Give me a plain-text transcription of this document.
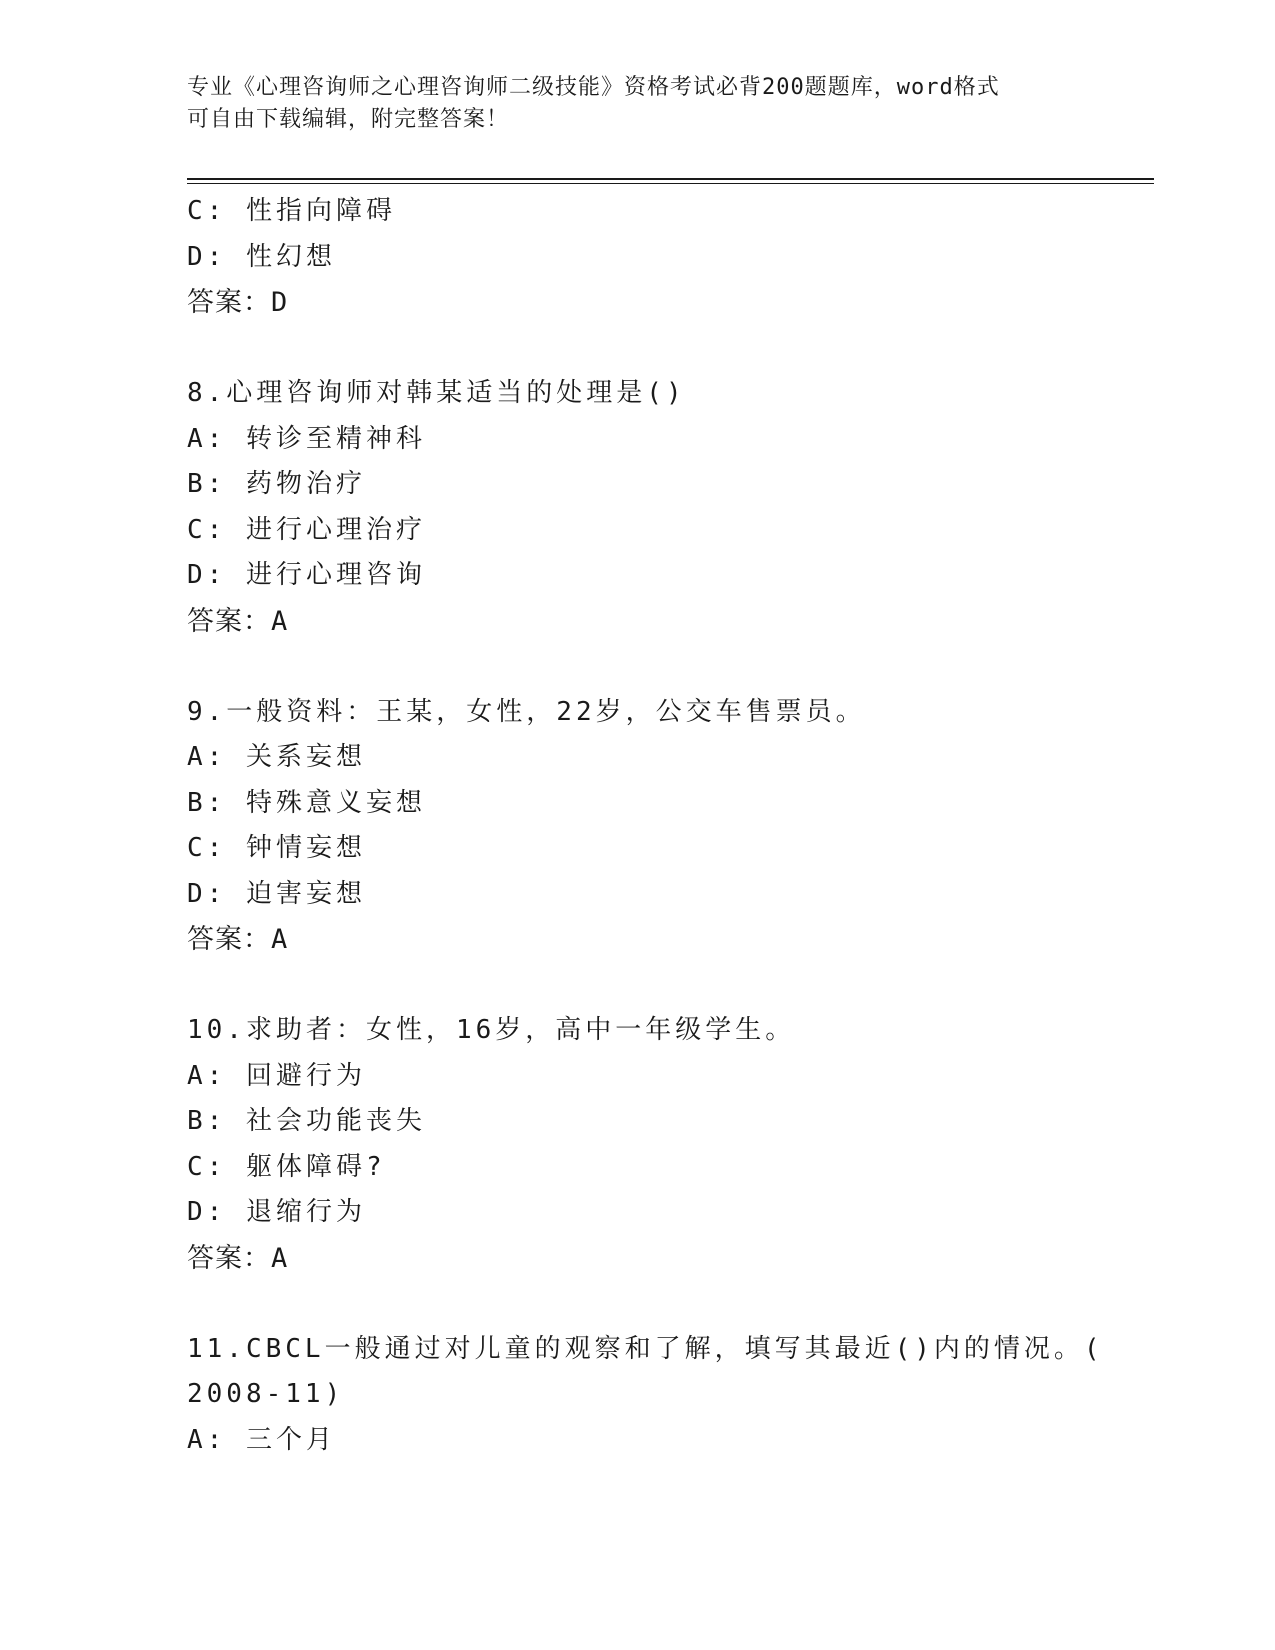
专业《心理咨询师之心理咨询师二级技能》资格考试必背200题题库，word格式
可自由下载编辑，附完整答案！
C: 性指向障碍
D: 性幻想
答案：D
8.心理咨询师对韩某适当的处理是()
A: 转诊至精神科
B: 药物治疗
C: 进行心理治疗
D: 进行心理咨询
答案：A
9.一般资料：王某，女性，22岁，公交车售票员。
A: 关系妄想
B: 特殊意义妄想
C: 钟情妄想
D: 迫害妄想
答案：A
10.求助者：女性，16岁，高中一年级学生。
A: 回避行为
B: 社会功能丧失
C: 躯体障碍?
D: 退缩行为
答案：A
11.CBCL一般通过对儿童的观察和了解，填写其最近()内的情况。(
2008-11)
A: 三个月
